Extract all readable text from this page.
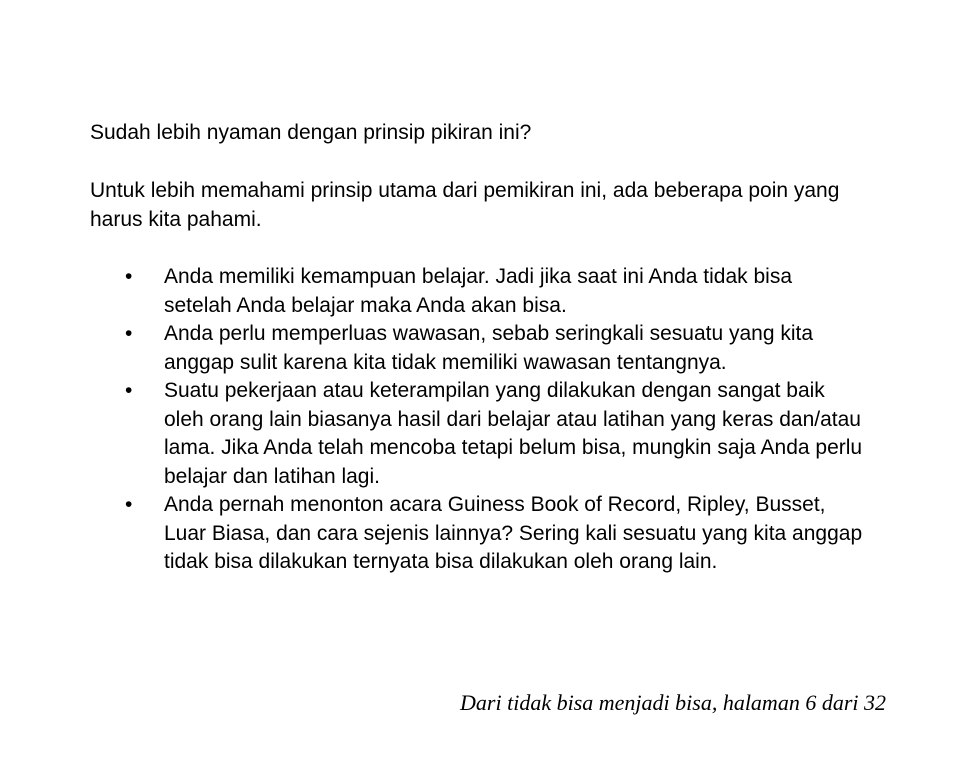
Sudah lebih nyaman dengan prinsip pikiran ini?

Untuk lebih memahami prinsip utama dari pemikiran ini, ada beberapa poin yang harus kita pahami.

• Anda memiliki kemampuan belajar. Jadi jika saat ini Anda tidak bisa setelah Anda belajar maka Anda akan bisa.
• Anda perlu memperluas wawasan, sebab seringkali sesuatu yang kita anggap sulit karena kita tidak memiliki wawasan tentangnya.
• Suatu pekerjaan atau keterampilan yang dilakukan dengan sangat baik oleh orang lain biasanya hasil dari belajar atau latihan yang keras dan/atau lama. Jika Anda telah mencoba tetapi belum bisa, mungkin saja Anda perlu belajar dan latihan lagi.
• Anda pernah menonton acara Guiness Book of Record, Ripley, Busset, Luar Biasa, dan cara sejenis lainnya? Sering kali sesuatu yang kita anggap tidak bisa dilakukan ternyata bisa dilakukan oleh orang lain.
Dari tidak bisa menjadi bisa, halaman 6 dari 32
